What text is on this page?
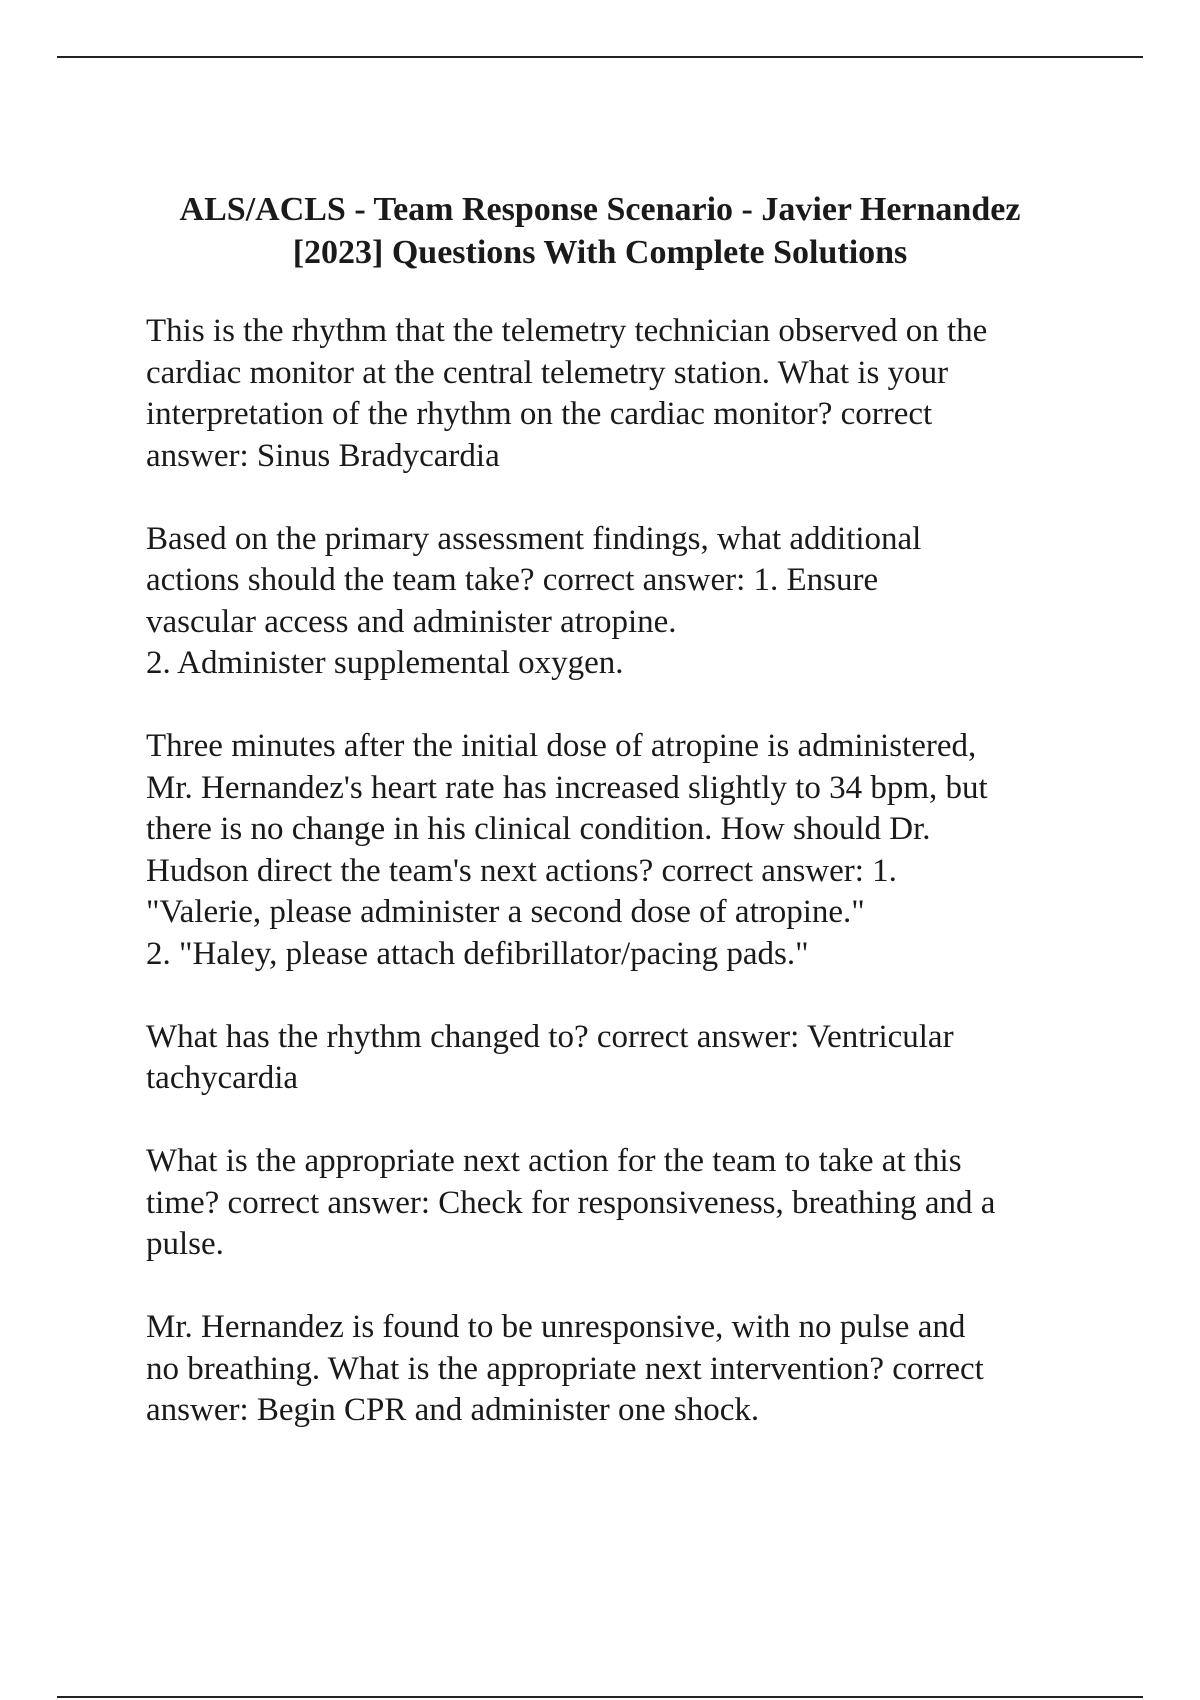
ALS/ACLS - Team Response Scenario - Javier Hernandez
[2023] Questions With Complete Solutions

This is the rhythm that the telemetry technician observed on the
cardiac monitor at the central telemetry station. What is your
interpretation of the rhythm on the cardiac monitor? correct
answer: Sinus Bradycardia

Based on the primary assessment findings, what additional
actions should the team take? correct answer: 1. Ensure
vascular access and administer atropine.
2. Administer supplemental oxygen.

Three minutes after the initial dose of atropine is administered,
Mr. Hernandez's heart rate has increased slightly to 34 bpm, but
there is no change in his clinical condition. How should Dr.
Hudson direct the team's next actions? correct answer: 1.
"Valerie, please administer a second dose of atropine."
2. "Haley, please attach defibrillator/pacing pads."

What has the rhythm changed to? correct answer: Ventricular
tachycardia

What is the appropriate next action for the team to take at this
time? correct answer: Check for responsiveness, breathing and a
pulse.

Mr. Hernandez is found to be unresponsive, with no pulse and
no breathing. What is the appropriate next intervention? correct
answer: Begin CPR and administer one shock.
